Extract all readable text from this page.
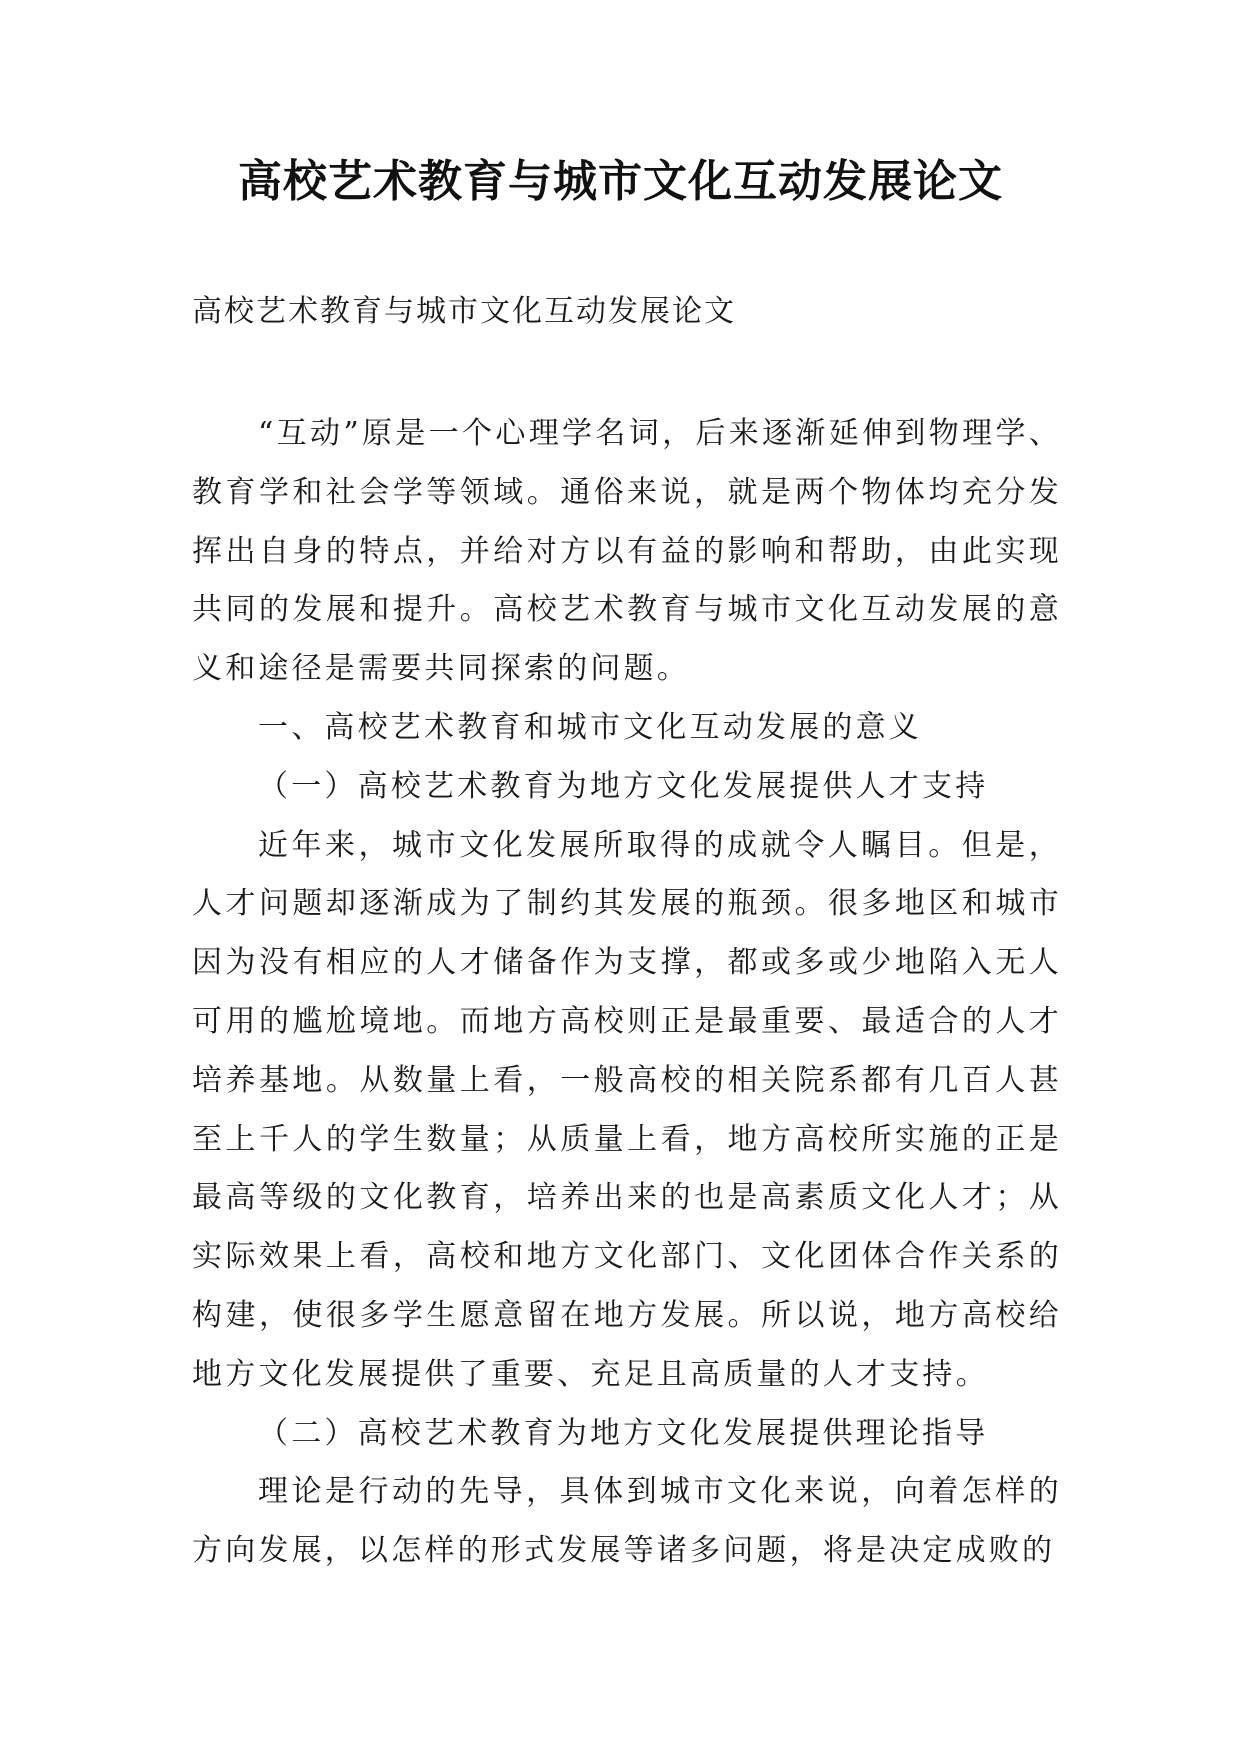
高校艺术教育与城市文化互动发展论文
高校艺术教育与城市文化互动发展论文

“互动”原是一个心理学名词，后来逐渐延伸到物理学、教育学和社会学等领域。通俗来说，就是两个物体均充分发挥出自身的特点，并给对方以有益的影响和帮助，由此实现共同的发展和提升。高校艺术教育与城市文化互动发展的意义和途径是需要共同探索的问题。

一、高校艺术教育和城市文化互动发展的意义

（一）高校艺术教育为地方文化发展提供人才支持

近年来，城市文化发展所取得的成就令人瞩目。但是，人才问题却逐渐成为了制约其发展的瓶颈。很多地区和城市因为没有相应的人才储备作为支撑，都或多或少地陷入无人可用的尴尬境地。而地方高校则正是最重要、最适合的人才培养基地。从数量上看，一般高校的相关院系都有几百人甚至上千人的学生数量；从质量上看，地方高校所实施的正是最高等级的文化教育，培养出来的也是高素质文化人才；从实际效果上看，高校和地方文化部门、文化团体合作关系的构建，使很多学生愿意留在地方发展。所以说，地方高校给地方文化发展提供了重要、充足且高质量的人才支持。

（二）高校艺术教育为地方文化发展提供理论指导

理论是行动的先导，具体到城市文化来说，向着怎样的方向发展，以怎样的形式发展等诸多问题，将是决定成败的
